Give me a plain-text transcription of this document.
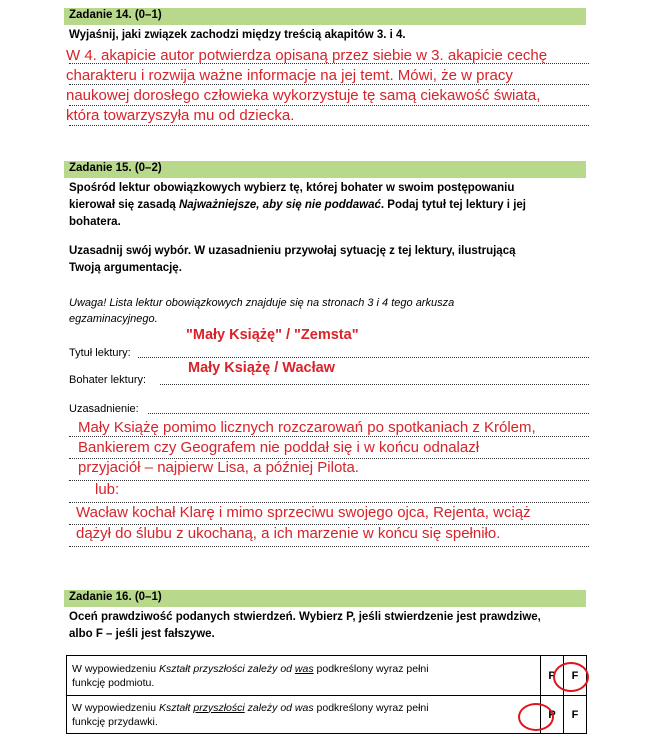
Zadanie 14. (0–1)
Wyjaśnij, jaki związek zachodzi między treścią akapitów 3. i 4.
W 4. akapicie autor potwierdza opisaną przez siebie w 3. akapicie cechę
charakteru i rozwija ważne informacje na jej temt. Mówi, że w pracy
naukowej dorosłego człowieka wykorzystuje tę samą ciekawość świata,
która towarzyszyła mu od dziecka.
Zadanie 15. (0–2)
Spośród lektur obowiązkowych wybierz tę, której bohater w swoim postępowaniu
kierował się zasadą Najważniejsze, aby się nie poddawać. Podaj tytuł tej lektury i jej
bohatera.
Uzasadnij swój wybór. W uzasadnieniu przywołaj sytuację z tej lektury, ilustrującą
Twoją argumentację.
Uwaga! Lista lektur obowiązkowych znajduje się na stronach 3 i 4 tego arkusza
egzaminacyjnego.
Tytuł lektury:
"Mały Książę" / "Zemsta"
Bohater lektury:
Mały Książę / Wacław
Uzasadnienie:
Mały Książę pomimo licznych rozczarowań po spotkaniach z Królem,
Bankierem czy Geografem nie poddał się i w końcu odnalazł
przyjaciół – najpierw Lisa, a później Pilota.
lub:
Wacław kochał Klarę i mimo sprzeciwu swojego ojca, Rejenta, wciąż
dążył do ślubu z ukochaną, a ich marzenie w końcu się spełniło.
Zadanie 16. (0–1)
Oceń prawdziwość podanych stwierdzeń. Wybierz P, jeśli stwierdzenie jest prawdziwe,
albo F – jeśli jest fałszywe.
W wypowiedzeniu Kształt przyszłości zależy od was podkreślony wyraz pełni
funkcję podmiotu.	P	F
W wypowiedzeniu Kształt przyszłości zależy od was podkreślony wyraz pełni
funkcję przydawki.	P	F
